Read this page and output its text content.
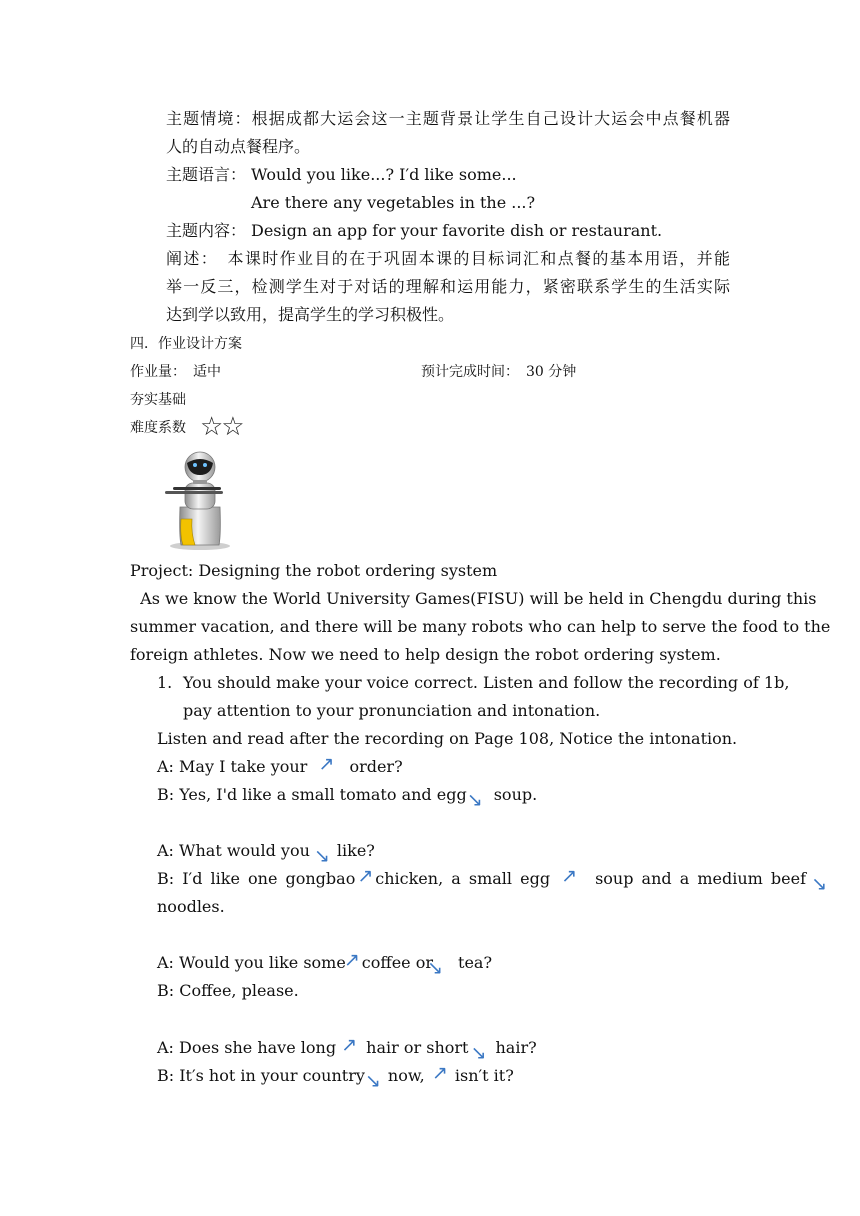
主题情境：根据成都大运会这一主题背景让学生自己设计大运会中点餐机器
人的自动点餐程序。
主题语言： Would you like...? I′d like some...
Are there any vegetables in the ...?
主题内容： Design an app for your favorite dish or restaurant.
阐述：　本课时作业目的在于巩固本课的目标词汇和点餐的基本用语，并能
举一反三，检测学生对于对话的理解和运用能力，紧密联系学生的生活实际
达到学以致用，提高学生的学习积极性。
四．作业设计方案
作业量：　适中	预计完成时间：　30 分钟
夯实基础
难度系数 ☆☆
Project: Designing the robot ordering system
As we know the World University Games(FISU) will be held in Chengdu during this
summer vacation, and there will be many robots who can help to serve the food to the
foreign athletes. Now we need to help design the robot ordering system.
1. You should make your voice correct. Listen and follow the recording of 1b,
pay attention to your pronunciation and intonation.
Listen and read after the recording on Page 108, Notice the intonation.
A: May I take your ↗ order?
B: Yes, I'd like a small tomato and egg↘ soup.
A: What would you ↘ like?
B: I′d like one gongbao ↗ chicken, a small egg ↗ soup and a medium beef ↘
noodles.
A: Would you like some↗ coffee or↘ tea?
B: Coffee, please.
A: Does she have long ↗ hair or short ↘ hair?
B: It′s hot in your country↘ now, ↗ isn′t it?
